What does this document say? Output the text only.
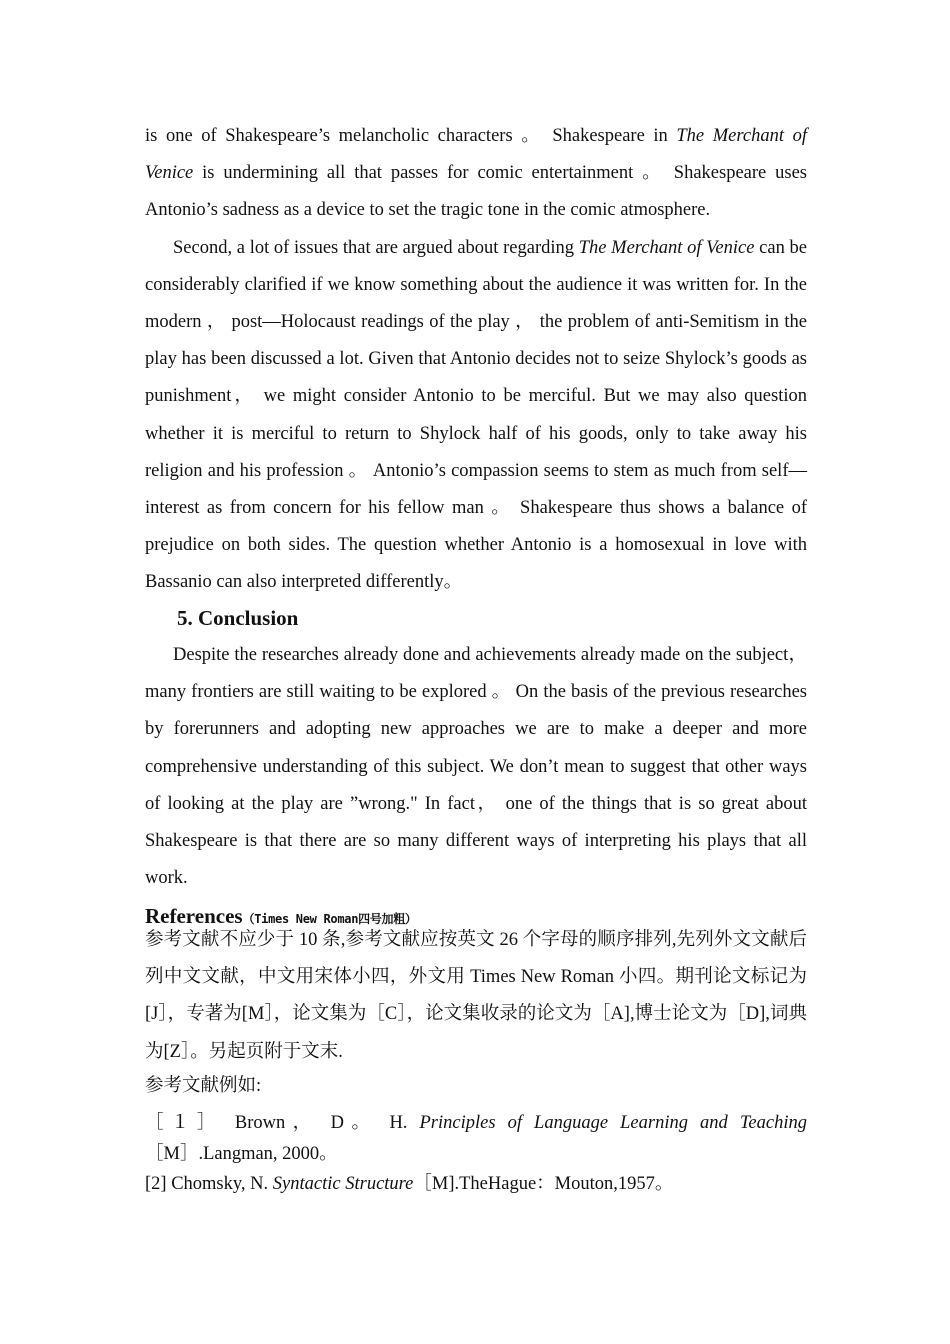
is one of Shakespeare’s melancholic characters 。 Shakespeare in The Merchant of Venice is undermining all that passes for comic entertainment 。 Shakespeare uses Antonio’s sadness as a device to set the tragic tone in the comic atmosphere.

Second, a lot of issues that are argued about regarding The Merchant of Venice can be considerably clarified if we know something about the audience it was written for. In the modern ， post—Holocaust readings of the play ， the problem of anti-Semitism in the play has been discussed a lot. Given that Antonio decides not to seize Shylock’s goods as punishment， we might consider Antonio to be merciful. But we may also question whether it is merciful to return to Shylock half of his goods, only to take away his religion and his profession 。 Antonio’s compassion seems to stem as much from self—interest as from concern for his fellow man 。 Shakespeare thus shows a balance of prejudice on both sides. The question whether Antonio is a homosexual in love with Bassanio can also interpreted differently。

5. Conclusion

Despite the researches already done and achievements already made on the subject， many frontiers are still waiting to be explored 。 On the basis of the previous researches by forerunners and adopting new approaches we are to make a deeper and more comprehensive understanding of this subject. We don’t mean to suggest that other ways of looking at the play are ”wrong." In fact， one of the things that is so great about Shakespeare is that there are so many different ways of interpreting his plays that all work.

References（Times New Roman四号加粗）
参考文献不应少于 10 条,参考文献应按英文 26 个字母的顺序排列,先列外文文献后列中文文献，中文用宋体小四，外文用 Times New Roman 小四。期刊论文标记为[J］，专著为[M］，论文集为［C］，论文集收录的论文为［A],博士论文为［D],词典为[Z］。另起页附于文末.
参考文献例如:
［１］ Brown， D。 H. Principles of Language Learning and Teaching［M］.Langman, 2000。
[2] Chomsky, N. Syntactic Structure［M].TheHague：Mouton,1957。
